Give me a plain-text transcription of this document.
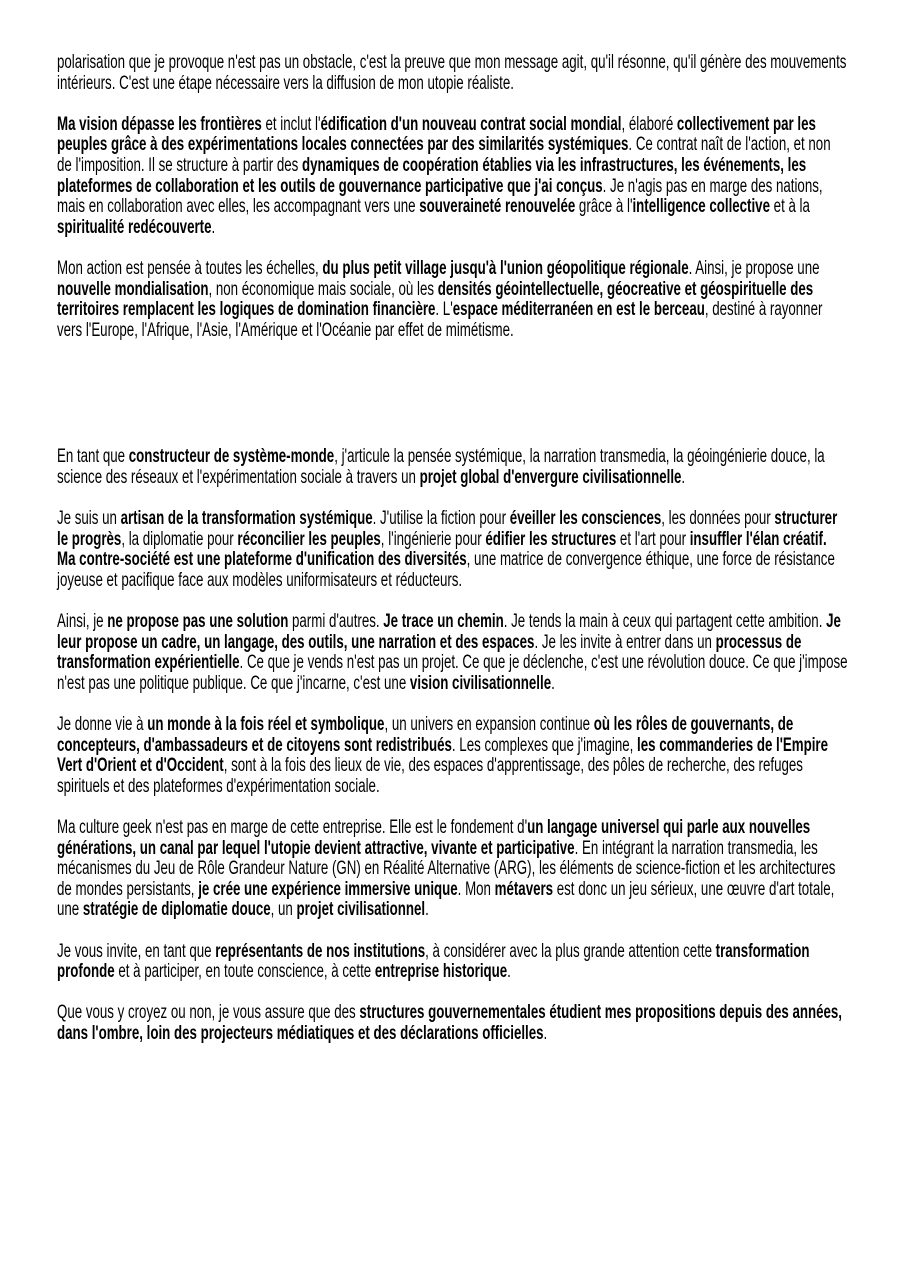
polarisation que je provoque n'est pas un obstacle, c'est la preuve que mon message agit, qu'il résonne, qu'il génère des mouvements intérieurs. C'est une étape nécessaire vers la diffusion de mon utopie réaliste.

Ma vision dépasse les frontières et inclut l'édification d'un nouveau contrat social mondial, élaboré collectivement par les peuples grâce à des expérimentations locales connectées par des similarités systémiques. Ce contrat naît de l'action, et non de l'imposition. Il se structure à partir des dynamiques de coopération établies via les infrastructures, les événements, les plateformes de collaboration et les outils de gouvernance participative que j'ai conçus. Je n'agis pas en marge des nations, mais en collaboration avec elles, les accompagnant vers une souveraineté renouvelée grâce à l'intelligence collective et à la spiritualité redécouverte.

Mon action est pensée à toutes les échelles, du plus petit village jusqu'à l'union géopolitique régionale. Ainsi, je propose une nouvelle mondialisation, non économique mais sociale, où les densités géointellectuelle, géocreative et géospirituelle des territoires remplacent les logiques de domination financière. L'espace méditerranéen en est le berceau, destiné à rayonner vers l'Europe, l'Afrique, l'Asie, l'Amérique et l'Océanie par effet de mimétisme.

En tant que constructeur de système-monde, j'articule la pensée systémique, la narration transmedia, la géoingénierie douce, la science des réseaux et l'expérimentation sociale à travers un projet global d'envergure civilisationnelle.

Je suis un artisan de la transformation systémique. J'utilise la fiction pour éveiller les consciences, les données pour structurer le progrès, la diplomatie pour réconcilier les peuples, l'ingénierie pour édifier les structures et l'art pour insuffler l'élan créatif. Ma contre-société est une plateforme d'unification des diversités, une matrice de convergence éthique, une force de résistance joyeuse et pacifique face aux modèles uniformisateurs et réducteurs.

Ainsi, je ne propose pas une solution parmi d'autres. Je trace un chemin. Je tends la main à ceux qui partagent cette ambition. Je leur propose un cadre, un langage, des outils, une narration et des espaces. Je les invite à entrer dans un processus de transformation expérientielle. Ce que je vends n'est pas un projet. Ce que je déclenche, c'est une révolution douce. Ce que j'impose n'est pas une politique publique. Ce que j'incarne, c'est une vision civilisationnelle.

Je donne vie à un monde à la fois réel et symbolique, un univers en expansion continue où les rôles de gouvernants, de concepteurs, d'ambassadeurs et de citoyens sont redistribués. Les complexes que j'imagine, les commanderies de l'Empire Vert d'Orient et d'Occident, sont à la fois des lieux de vie, des espaces d'apprentissage, des pôles de recherche, des refuges spirituels et des plateformes d'expérimentation sociale.

Ma culture geek n'est pas en marge de cette entreprise. Elle est le fondement d'un langage universel qui parle aux nouvelles générations, un canal par lequel l'utopie devient attractive, vivante et participative. En intégrant la narration transmedia, les mécanismes du Jeu de Rôle Grandeur Nature (GN) en Réalité Alternative (ARG), les éléments de science-fiction et les architectures de mondes persistants, je crée une expérience immersive unique. Mon métavers est donc un jeu sérieux, une œuvre d'art totale, une stratégie de diplomatie douce, un projet civilisationnel.

Je vous invite, en tant que représentants de nos institutions, à considérer avec la plus grande attention cette transformation profonde et à participer, en toute conscience, à cette entreprise historique.

Que vous y croyez ou non, je vous assure que des structures gouvernementales étudient mes propositions depuis des années, dans l'ombre, loin des projecteurs médiatiques et des déclarations officielles.
